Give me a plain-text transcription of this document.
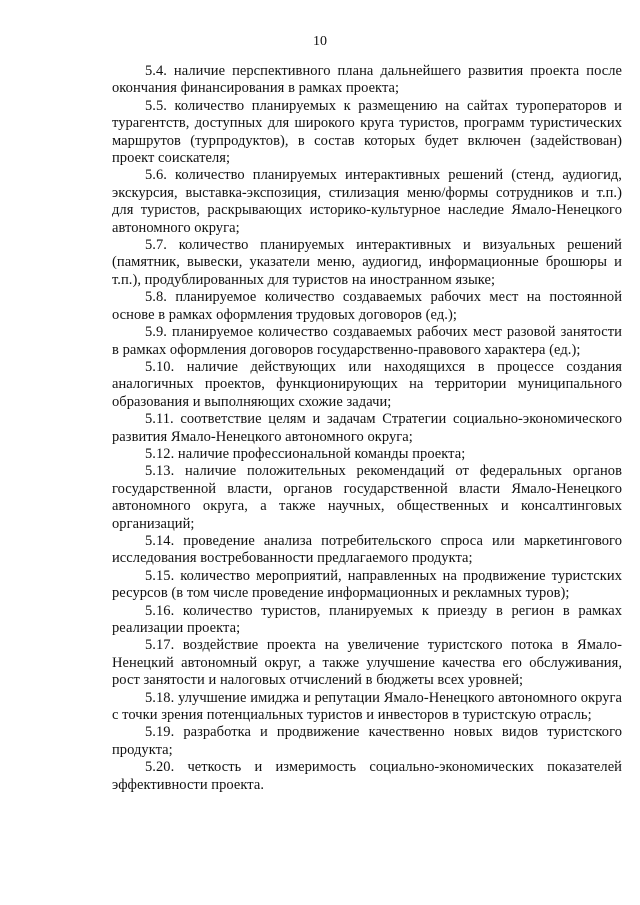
10

5.4. наличие перспективного плана дальнейшего развития проекта после окончания финансирования в рамках проекта;

5.5. количество планируемых к размещению на сайтах туроператоров и турагентств, доступных для широкого круга туристов, программ туристических маршрутов (турпродуктов), в состав которых будет включен (задействован) проект соискателя;

5.6. количество планируемых интерактивных решений (стенд, аудиогид, экскурсия, выставка-экспозиция, стилизация меню/формы сотрудников и т.п.) для туристов, раскрывающих историко-культурное наследие Ямало-Ненецкого автономного округа;

5.7. количество планируемых интерактивных и визуальных решений (памятник, вывески, указатели меню, аудиогид, информационные брошюры и т.п.), продублированных для туристов на иностранном языке;

5.8. планируемое количество создаваемых рабочих мест на постоянной основе в рамках оформления трудовых договоров (ед.);

5.9. планируемое количество создаваемых рабочих мест разовой занятости в рамках оформления договоров государственно-правового характера (ед.);

5.10. наличие действующих или находящихся в процессе создания аналогичных проектов, функционирующих на территории муниципального образования и выполняющих схожие задачи;

5.11. соответствие целям и задачам Стратегии социально-экономического развития Ямало-Ненецкого автономного округа;

5.12. наличие профессиональной команды проекта;

5.13. наличие положительных рекомендаций от федеральных органов государственной власти, органов государственной власти Ямало-Ненецкого автономного округа, а также научных, общественных и консалтинговых организаций;

5.14. проведение анализа потребительского спроса или маркетингового исследования востребованности предлагаемого продукта;

5.15. количество мероприятий, направленных на продвижение туристских ресурсов (в том числе проведение информационных и рекламных туров);

5.16. количество туристов, планируемых к приезду в регион в рамках реализации проекта;

5.17. воздействие проекта на увеличение туристского потока в Ямало-Ненецкий автономный округ, а также улучшение качества его обслуживания, рост занятости и налоговых отчислений в бюджеты всех уровней;

5.18. улучшение имиджа и репутации Ямало-Ненецкого автономного округа с точки зрения потенциальных туристов и инвесторов в туристскую отрасль;

5.19. разработка и продвижение качественно новых видов туристского продукта;

5.20. четкость и измеримость социально-экономических показателей эффективности проекта.
